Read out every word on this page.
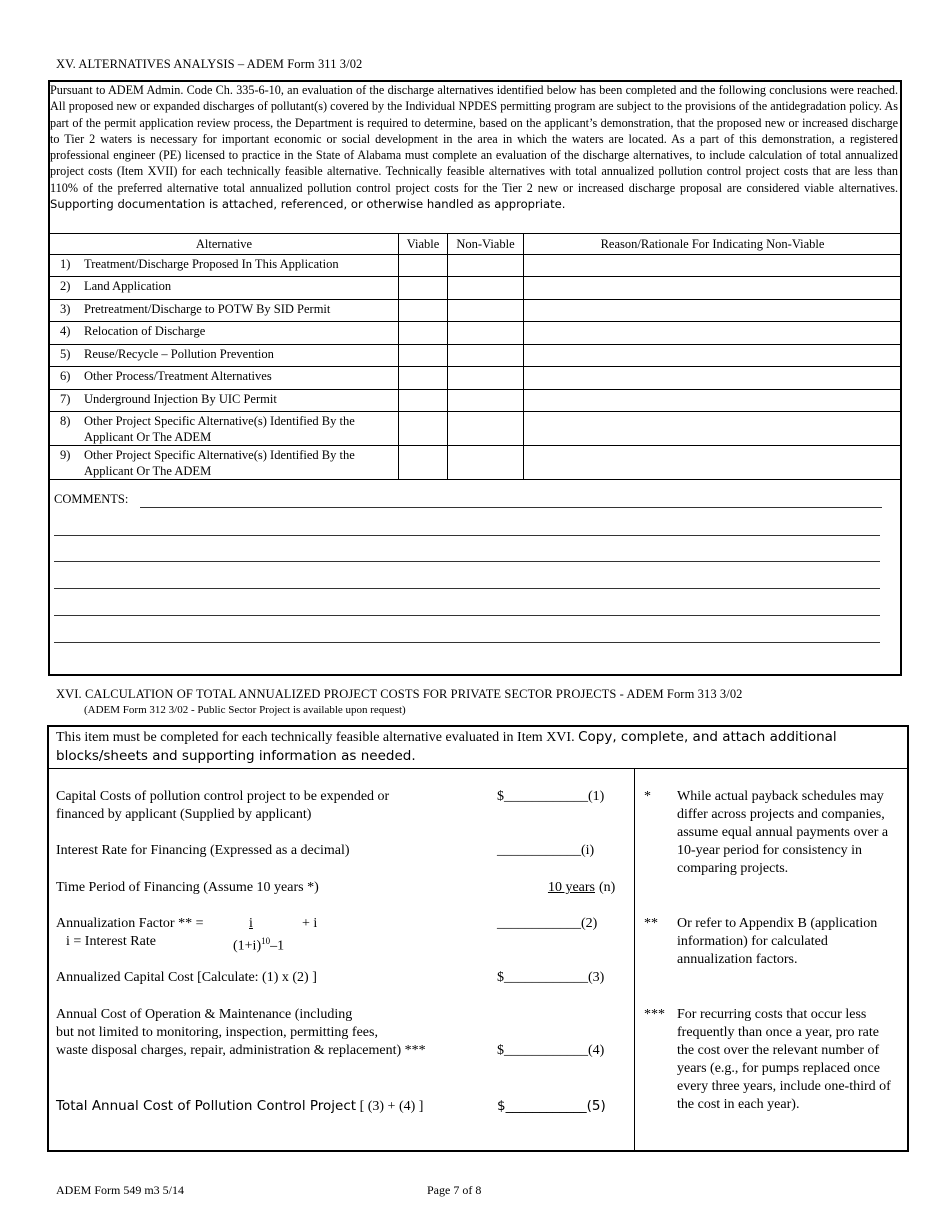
XV. ALTERNATIVES ANALYSIS – ADEM Form 311 3/02
Pursuant to ADEM Admin. Code Ch. 335-6-10, an evaluation of the discharge alternatives identified below has been completed and the following conclusions were reached. All proposed new or expanded discharges of pollutant(s) covered by the Individual NPDES permitting program are subject to the provisions of the antidegradation policy. As part of the permit application review process, the Department is required to determine, based on the applicant’s demonstration, that the proposed new or increased discharge to Tier 2 waters is necessary for important economic or social development in the area in which the waters are located. As a part of this demonstration, a registered professional engineer (PE) licensed to practice in the State of Alabama must complete an evaluation of the discharge alternatives, to include calculation of total annualized project costs (Item XVII) for each technically feasible alternative. Technically feasible alternatives with total annualized pollution control project costs that are less than 110% of the preferred alternative total annualized pollution control project costs for the Tier 2 new or increased discharge proposal are considered viable alternatives. Supporting documentation is attached, referenced, or otherwise handled as appropriate.
Alternative	Viable	Non-Viable	Reason/Rationale For Indicating Non-Viable
1) Treatment/Discharge Proposed In This Application			
2) Land Application			
3) Pretreatment/Discharge to POTW By SID Permit			
4) Relocation of Discharge			
5) Reuse/Recycle – Pollution Prevention			
6) Other Process/Treatment Alternatives			
7) Underground Injection By UIC Permit			
8) Other Project Specific Alternative(s) Identified By the Applicant Or The ADEM			
9) Other Project Specific Alternative(s) Identified By the Applicant Or The ADEM			
COMMENTS:
XVI. CALCULATION OF TOTAL ANNUALIZED PROJECT COSTS FOR PRIVATE SECTOR PROJECTS - ADEM Form 313 3/02
(ADEM Form 312 3/02 - Public Sector Project is available upon request)
This item must be completed for each technically feasible alternative evaluated in Item XVI. Copy, complete, and attach additional blocks/sheets and supporting information as needed.
Capital Costs of pollution control project to be expended or
financed by applicant (Supplied by applicant)
$____________(1)
Interest Rate for Financing (Expressed as a decimal)	____________(i)
Time Period of Financing (Assume 10 years *)	10 years (n)
Annualization Factor ** =	i	+ i
$(1+i)^{10}-1$
i = Interest Rate
____________(2)
Annualized Capital Cost [Calculate: (1) x (2) ]	$____________(3)
Annual Cost of Operation & Maintenance (including
but not limited to monitoring, inspection, permitting fees,
waste disposal charges, repair, administration & replacement) ***	$____________(4)
Total Annual Cost of Pollution Control Project [ (3) + (4) ]	$____________(5)
* While actual payback schedules may differ across projects and companies, assume equal annual payments over a 10-year period for consistency in comparing projects.
** Or refer to Appendix B (application information) for calculated annualization factors.
*** For recurring costs that occur less frequently than once a year, pro rate the cost over the relevant number of years (e.g., for pumps replaced once every three years, include one-third of the cost in each year).
ADEM Form 549 m3 5/14	Page 7 of 8
